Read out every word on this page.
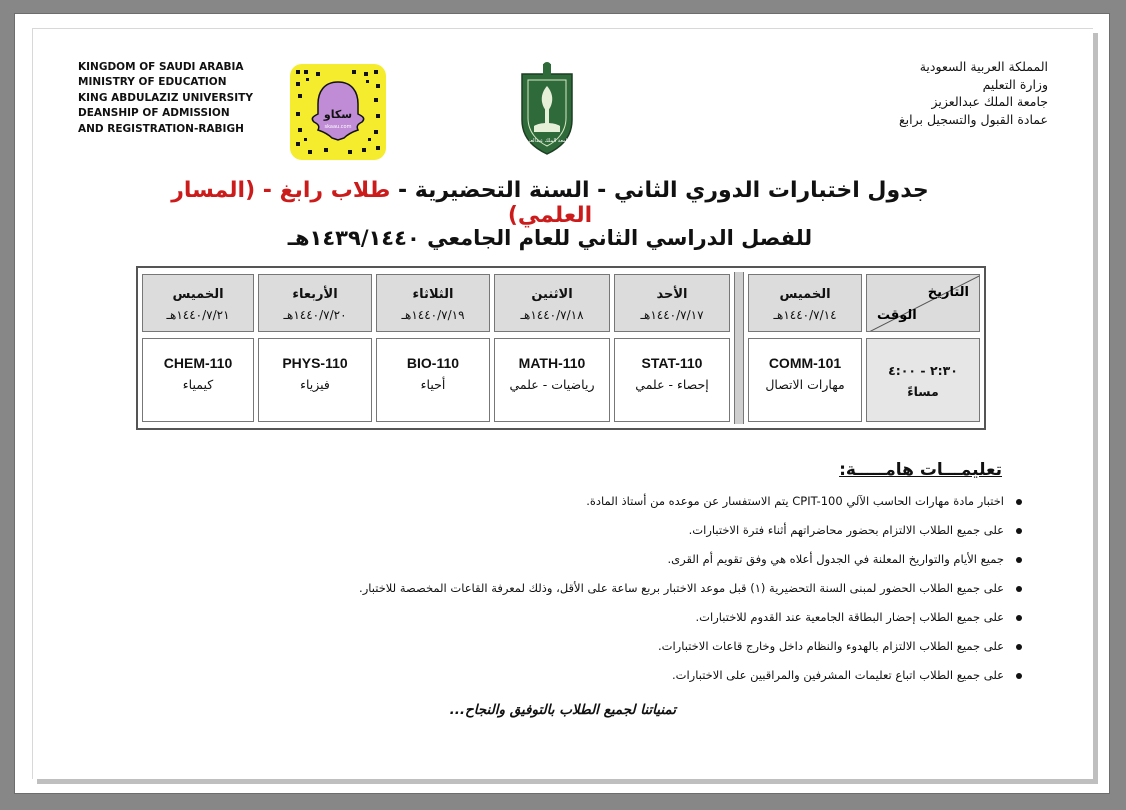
KINGDOM OF SAUDI ARABIA
MINISTRY OF EDUCATION
KING ABDULAZIZ UNIVERSITY
DEANSHIP OF ADMISSION
AND REGISTRATION-RABIGH
سكاو
skaau.com
جامعة الملك عبدالعزيز
المملكة العربية السعودية
وزارة التعليم
جامعة الملك عبدالعزيز
عمادة القبول والتسجيل برابغ
جدول اختبارات الدوري الثاني - السنة التحضيرية - طلاب رابغ - (المسار العلمي)
للفصل الدراسي الثاني للعام الجامعي ١٤٣٩/١٤٤٠هـ
التاريخ
الوقت
٢:٣٠ - ٤:٠٠
مساءً
الخميس
١٤٤٠/٧/١٤هـ
COMM-101
مهارات الاتصال
الأحد
١٤٤٠/٧/١٧هـ
STAT-110
إحصاء - علمي
الاثنين
١٤٤٠/٧/١٨هـ
MATH-110
رياضيات - علمي
الثلاثاء
١٤٤٠/٧/١٩هـ
BIO-110
أحياء
الأربعاء
١٤٤٠/٧/٢٠هـ
PHYS-110
فيزياء
الخميس
١٤٤٠/٧/٢١هـ
CHEM-110
كيمياء
تعليمـــات هامـــــة:
اختبار مادة مهارات الحاسب الآلي CPIT-100 يتم الاستفسار عن موعده من أستاذ المادة.
على جميع الطلاب الالتزام بحضور محاضراتهم أثناء فترة الاختبارات.
جميع الأيام والتواريخ المعلنة في الجدول أعلاه هي وفق تقويم أم القرى.
على جميع الطلاب الحضور لمبنى السنة التحضيرية (١) قبل موعد الاختبار بربع ساعة على الأقل، وذلك لمعرفة القاعات المخصصة للاختبار.
على جميع الطلاب إحضار البطاقة الجامعية عند القدوم للاختبارات.
على جميع الطلاب الالتزام بالهدوء والنظام داخل وخارج قاعات الاختبارات.
على جميع الطلاب اتباع تعليمات المشرفين والمراقبين على الاختبارات.
تمنياتنا لجميع الطلاب بالتوفيق والنجاح...
